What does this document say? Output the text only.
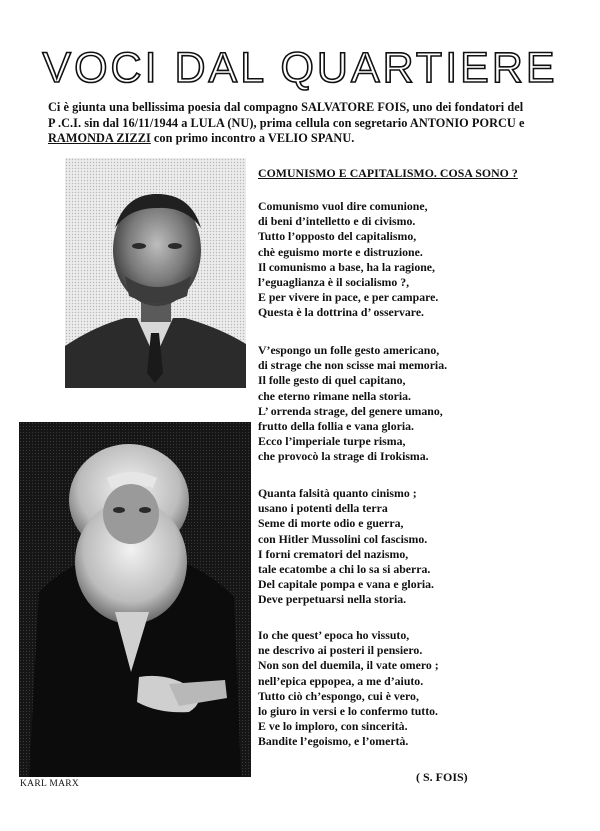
VOCI DAL QUARTIERE
Ci è giunta una bellissima poesia dal compagno SALVATORE FOIS, uno dei fondatori del
P .C.I. sin dal 16/11/1944 a LULA (NU), prima cellula con segretario ANTONIO PORCU e
RAMONDA ZIZZI con primo incontro a VELIO SPANU.
KARL MARX
COMUNISMO E CAPITALISMO. COSA SONO ?
Comunismo vuol dire comunione,
di beni d’intelletto e di civismo.
Tutto l’opposto del capitalismo,
chè eguismo morte e distruzione.
Il comunismo a base, ha la ragione,
l’eguaglianza è il socialismo ?,
E per vivere in pace, e per campare.
Questa è la dottrina d’ osservare.
V’espongo un folle gesto americano,
di strage che non scisse mai memoria.
Il folle gesto di quel capitano,
che eterno rimane nella storia.
L’ orrenda strage, del genere umano,
frutto della follia e vana gloria.
Ecco l’imperiale turpe risma,
che provocò la strage di Irokisma.
Quanta falsità quanto cinismo ;
usano i potenti della terra
Seme di morte odio e guerra,
con Hitler Mussolini col fascismo.
I forni crematori del nazismo,
tale ecatombe a chi lo sa si aberra.
Del capitale pompa e vana e gloria.
Deve perpetuarsi nella storia.
Io che quest’ epoca ho vissuto,
ne descrivo ai posteri il pensiero.
Non son del duemila, il vate omero ;
nell’epica eppopea, a me d’aiuto.
Tutto ciò ch’espongo, cui è vero,
lo giuro in versi e lo confermo tutto.
E ve lo imploro, con sincerità.
Bandite l’egoismo, e l’omertà.
( S. FOIS)
